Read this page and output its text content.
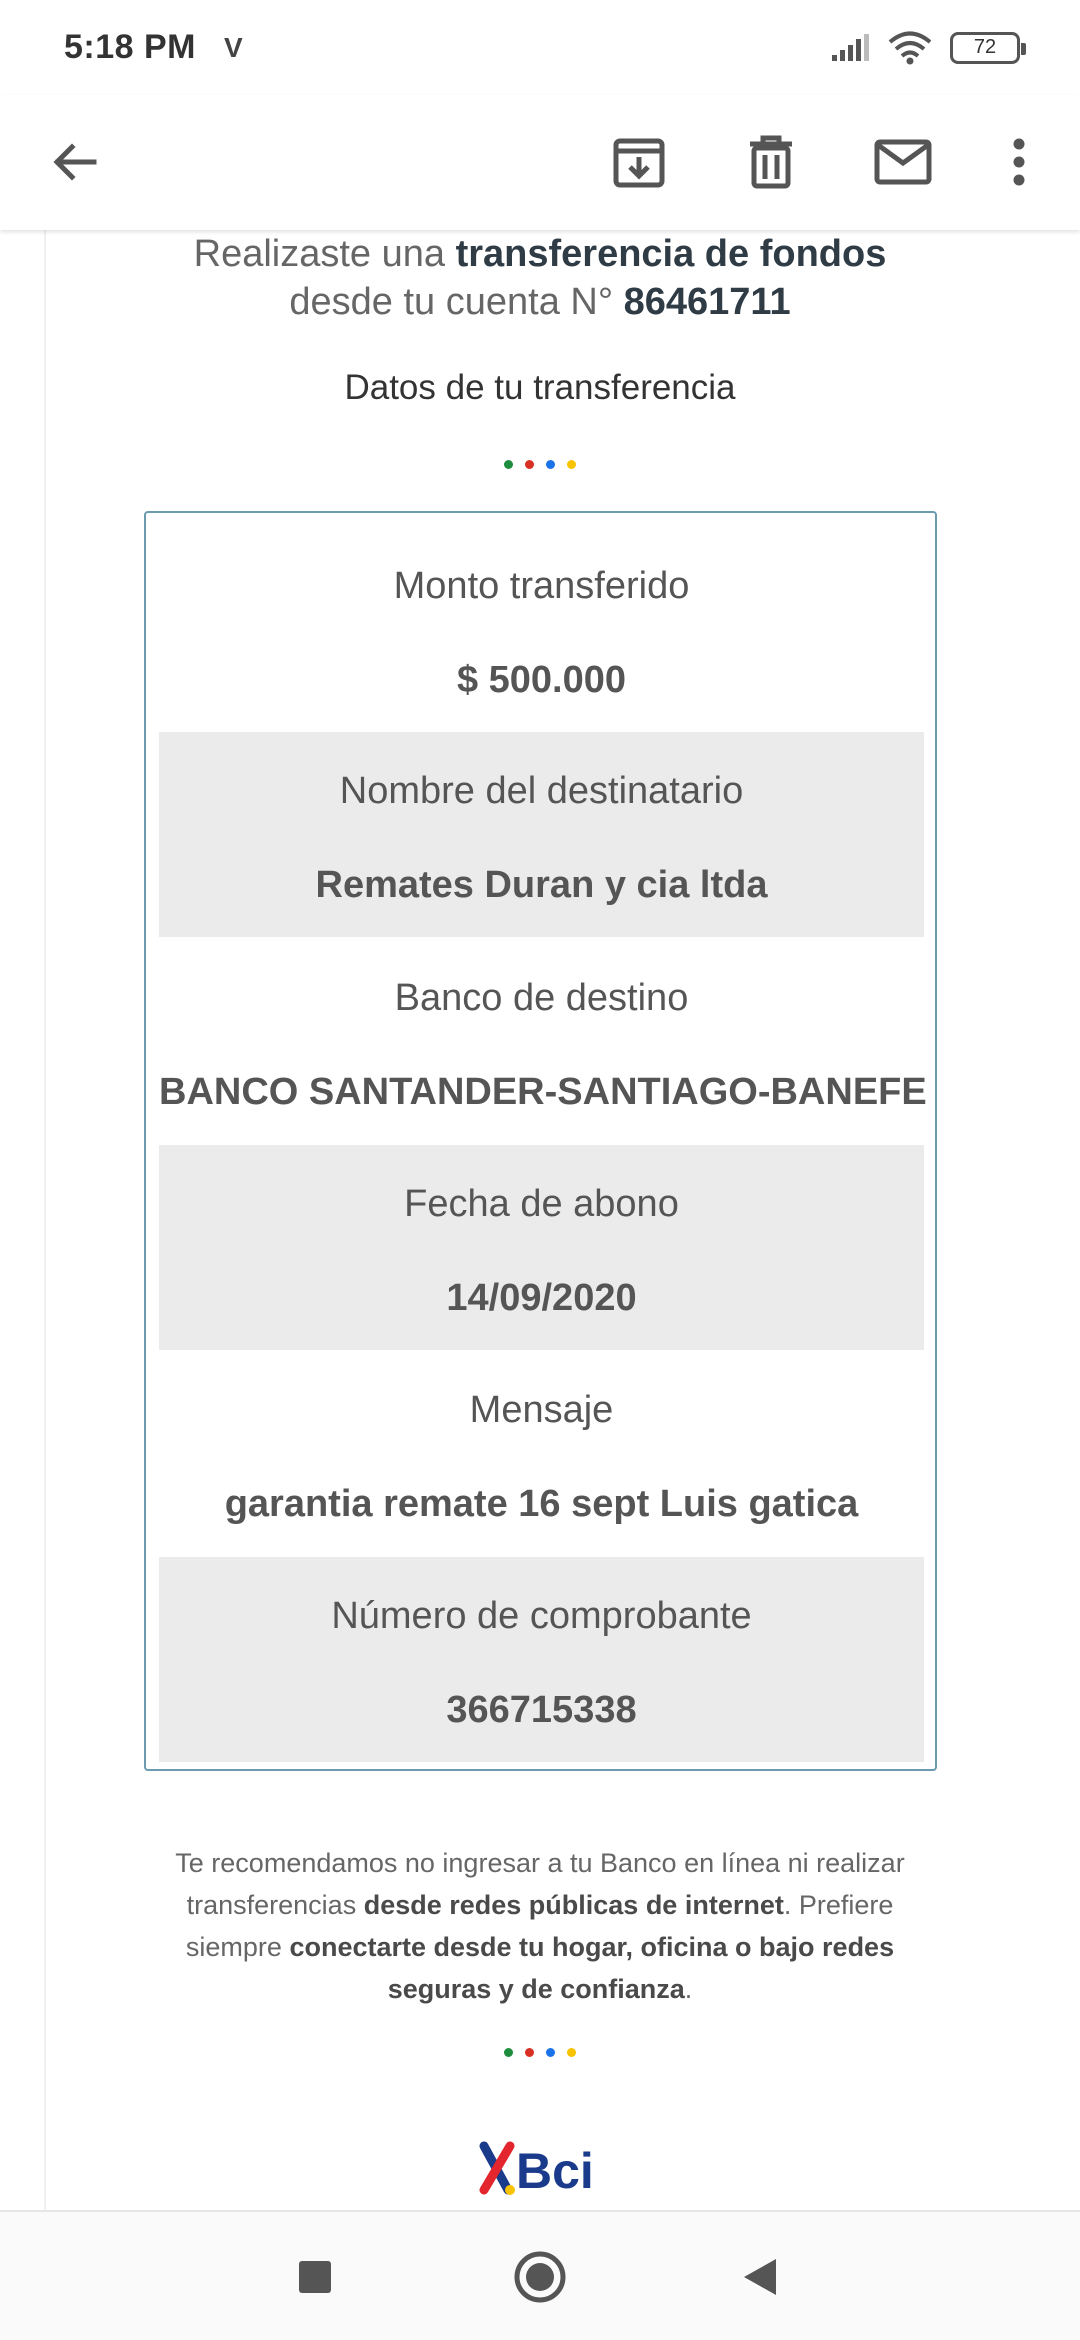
5:18 PM V	72
Realizaste una transferencia de fondos
desde tu cuenta N° 86461711
Datos de tu transferencia
Monto transferido
$ 500.000
Nombre del destinatario
Remates Duran y cia ltda
Banco de destino
BANCO SANTANDER-SANTIAGO-BANEFE
Fecha de abono
14/09/2020
Mensaje
garantia remate 16 sept Luis gatica
Número de comprobante
366715338
Te recomendamos no ingresar a tu Banco en línea ni realizar transferencias desde redes públicas de internet. Prefiere siempre conectarte desde tu hogar, oficina o bajo redes seguras y de confianza.
Bci
